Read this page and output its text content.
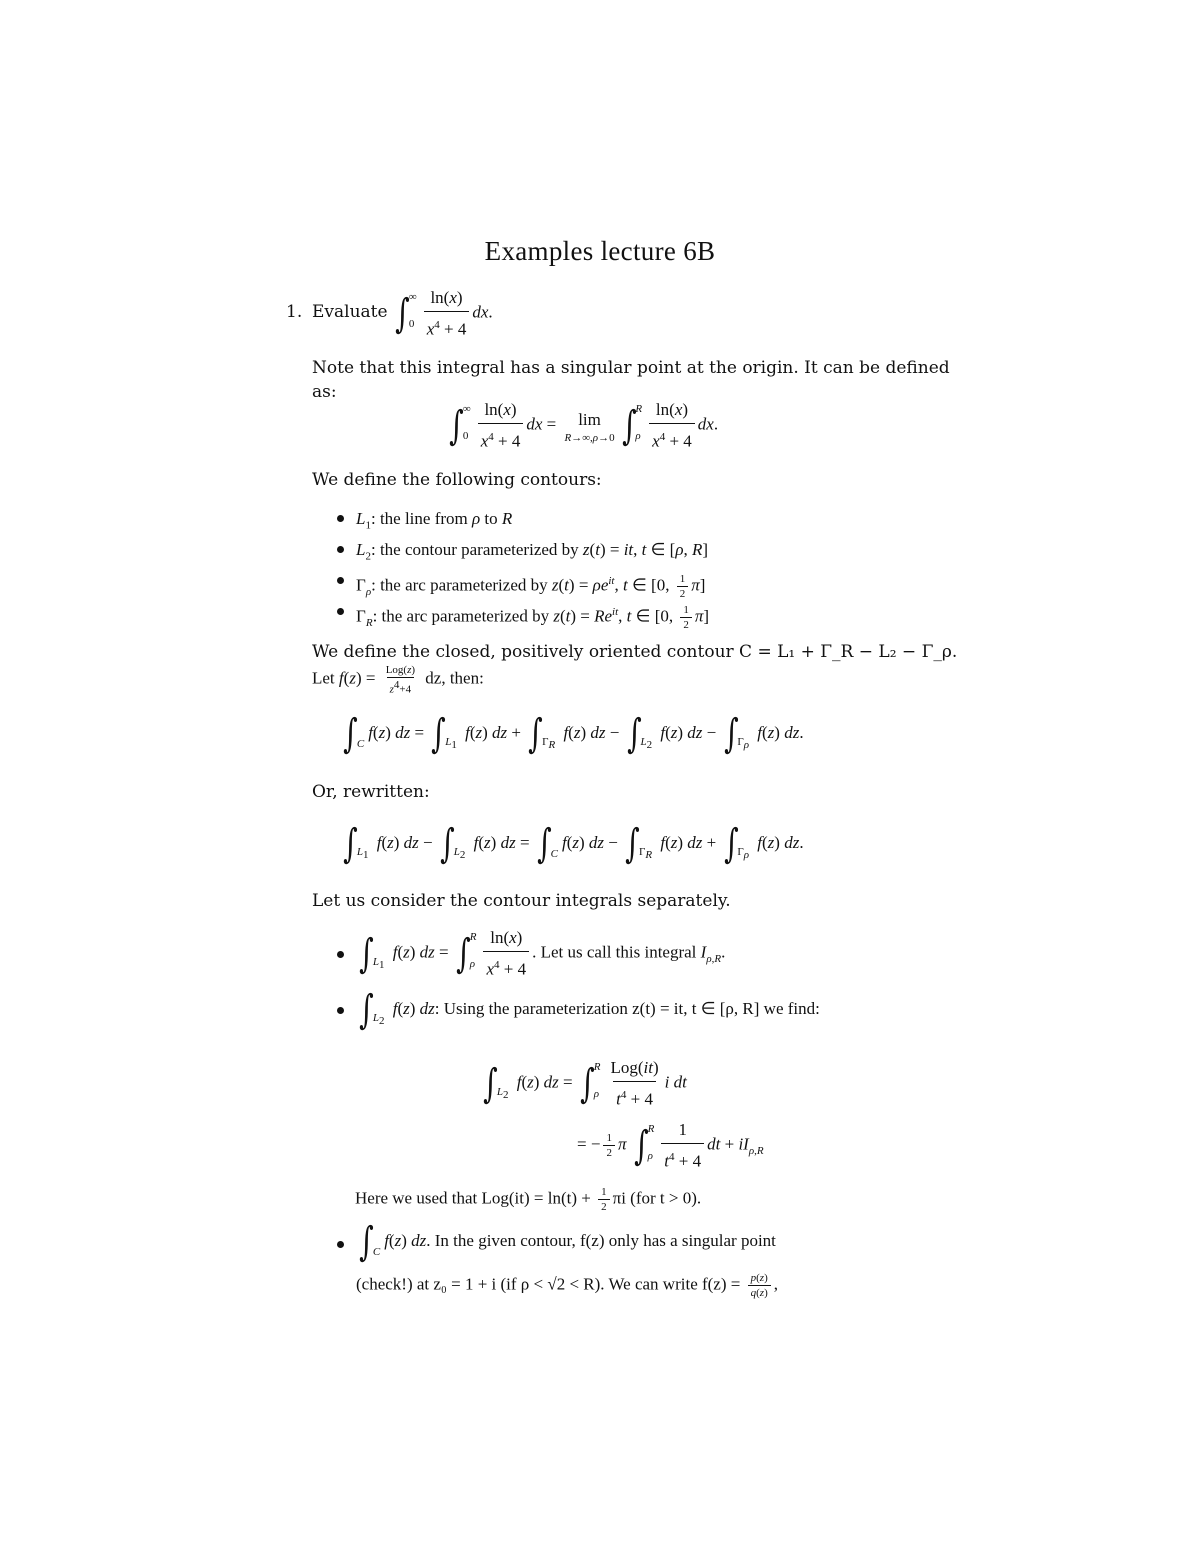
Examples lecture 6B
1. Evaluate ∫ ∞
$0 \frac{\ln(x)}{x^4 + 4}$ dx.
Note that this integral has a singular point at the origin. It can be defined
as:
∫ ∞
$0 \frac{\ln(x)}{x^4 + 4}$ dx = lim
R→∞,ρ→0 ∫ R
ρ $\frac{\ln(x)}{x^4 + 4}$ dx.
We define the following contours:
$L_1$: the line from ρ to R
$L_2$: the contour parameterized by z(t) = it, t ∈ [ρ, R]
$\Gamma_\rho$: the arc parameterized by $z(t) = \rho e^{it}$, t ∈ [0, $\frac{1}{2} \pi$]
$\Gamma_R$: the arc parameterized by $z(t) = Re^{it}$, t ∈ [0, $\frac{1}{2} \pi$]
We define the closed, positively oriented contour C = L₁ + Γ_R − L₂ − Γ_ρ.
Let $f(z) = \frac{\text{Log(z)}}{z^4+4}$ dz, then:
∫
C
f(z) dz = ∫
$L_1$
f(z) dz + ∫
$\Gamma_R$
f(z) dz − ∫
$L_2$
f(z) dz − ∫
$\Gamma_\rho$
f(z) dz.
Or, rewritten:
∫
$L_1$
f(z) dz − ∫
$L_2$
f(z) dz = ∫
C
f(z) dz − ∫
$\Gamma_R$
f(z) dz + ∫
$\Gamma_\rho$
f(z) dz.
Let us consider the contour integrals separately.
∫
$L_1$
f(z) dz = ∫ R
ρ $\frac{\ln(x)}{x^4 + 4}$ . Let us call this integral $I_{\rho,R}$.
∫
$L_2$
f(z) dz: Using the parameterization z(t) = it, t ∈ [ρ, R] we find:
∫
$L_2$
f(z) dz = ∫ R
ρ $\frac{\text{Log(it)}}{t^4 + 4}$ i dt
= − $\frac{1}{2}$ π ∫ R
ρ $\frac{1}{t^4 + 4}$ dt + $iI_{\rho,R}$
Here we used that $Log(it) = \ln(t) + \frac{1}{2}$ πi (for t > 0).
∫
C
f(z) dz. In the given contour, f(z) only has a singular point
(check!) at z₀ = 1 + i (if ρ < √2 < R). We can write $f(z) = \frac{p(z)}{q(z)}$ ,
